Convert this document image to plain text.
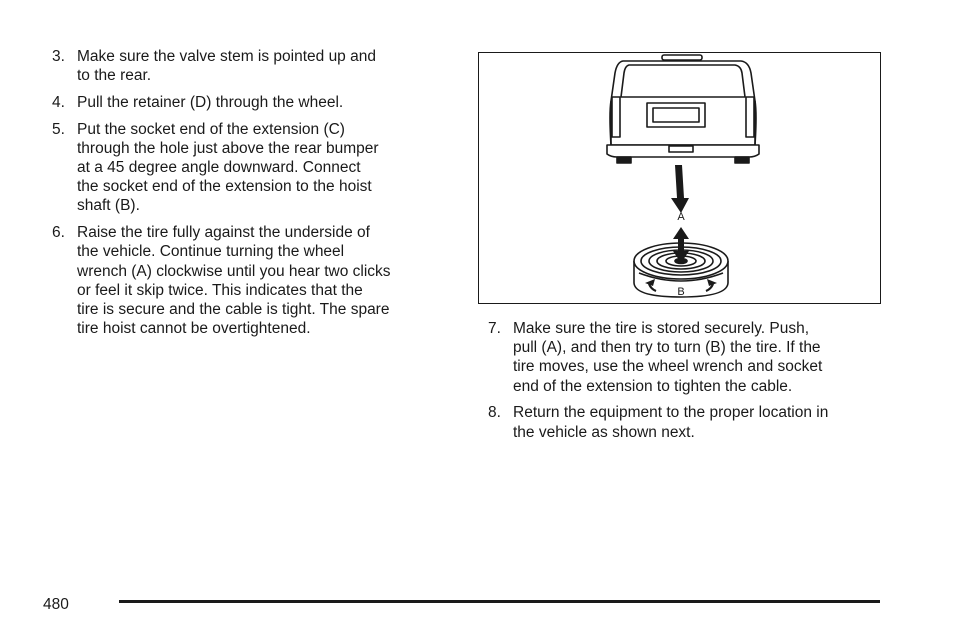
3. Make sure the valve stem is pointed up and
to the rear.
4. Pull the retainer (D) through the wheel.
5. Put the socket end of the extension (C)
through the hole just above the rear bumper
at a 45 degree angle downward. Connect
the socket end of the extension to the hoist
shaft (B).
6. Raise the tire fully against the underside of
the vehicle. Continue turning the wheel
wrench (A) clockwise until you hear two clicks
or feel it skip twice. This indicates that the
tire is secure and the cable is tight. The spare
tire hoist cannot be overtightened.
A
B
7. Make sure the tire is stored securely. Push,
pull (A), and then try to turn (B) the tire. If the
tire moves, use the wheel wrench and socket
end of the extension to tighten the cable.
8. Return the equipment to the proper location in
the vehicle as shown next.
480
